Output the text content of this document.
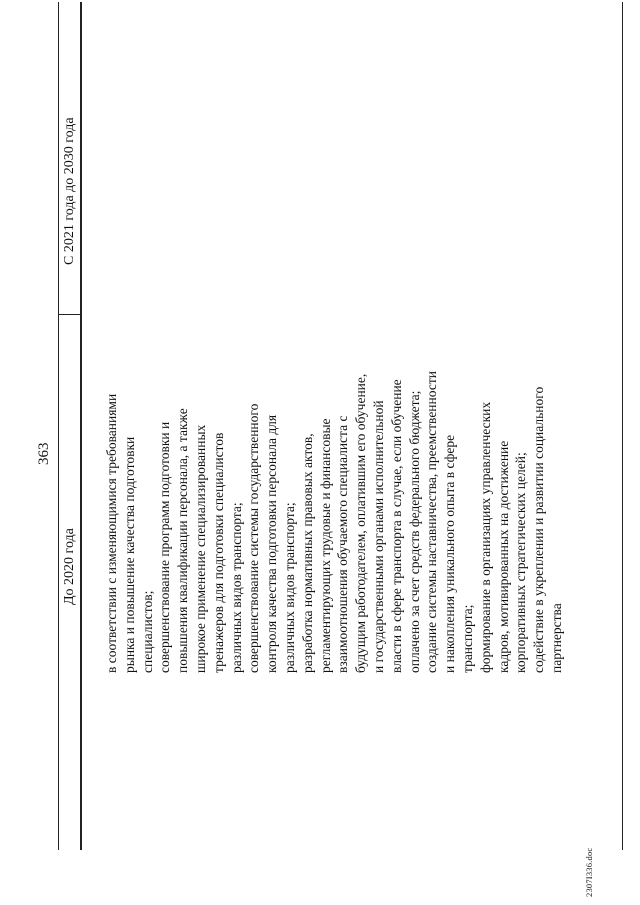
363
До 2020 года
С 2021 года до 2030 года
в соответствии с изменяющимися требованиями рынка и повышение качества подготовки специалистов; совершенствование программ подготовки и повышения квалификации персонала, а также широкое применение специализированных тренажеров для подготовки специалистов различных видов транспорта; совершенствование системы государственного контроля качества подготовки персонала для различных видов транспорта; разработка нормативных правовых актов, регламентирующих трудовые и финансовые взаимоотношения обучаемого специалиста с будущим работодателем, оплатившим его обучение, и государственными органами исполнительной власти в сфере транспорта в случае, если обучение оплачено за счет средств федерального бюджета; создание системы наставничества, преемственности и накопления уникального опыта в сфере транспорта; формирование в организациях управленческих кадров, мотивированных на достижение корпоративных стратегических целей; содействие в укреплении и развитии социального партнерства
2307I336.doc
